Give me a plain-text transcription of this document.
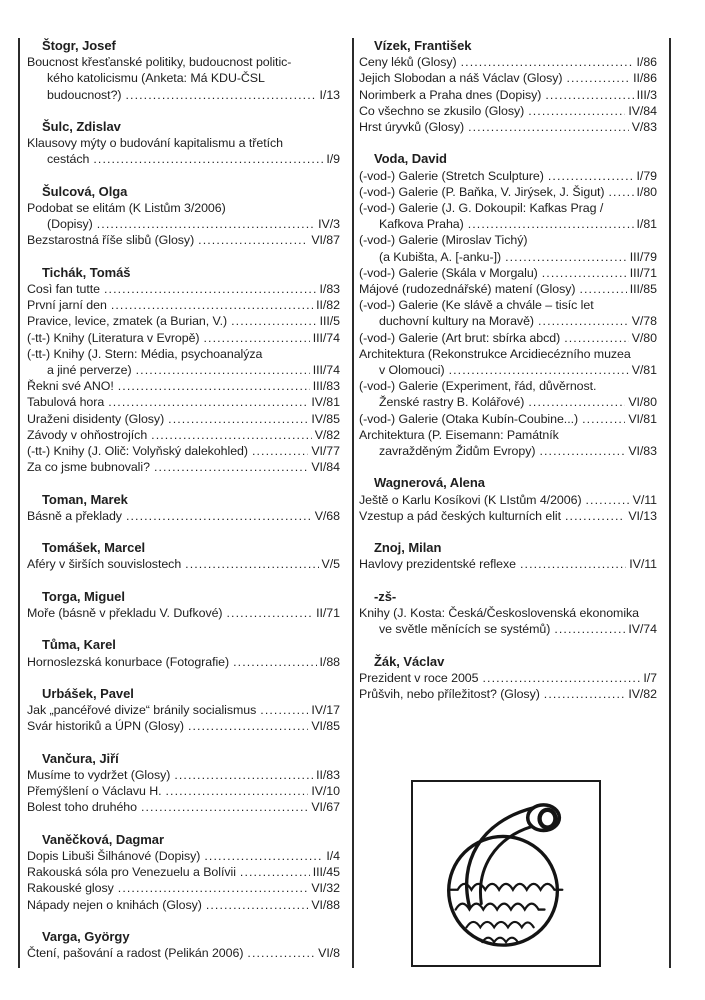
Štogr, Josef
Boucnost křesťanské politiky, budoucnost politic-
kého katolicismu (Anketa: Má KDU-ČSL
budoucnost?) .....	I/13
Šulc, Zdislav
Klausovy mýty o budování kapitalismu a třetích
cestách .....	I/9
Šulcová, Olga
Podobat se elitám (K Listům 3/2006)
(Dopisy) .....	IV/3
Bezstarostná říše slibů (Glosy) .....	VI/87
Tichák, Tomáš
Così fan tutte .....	I/83
První jarní den .....	II/82
Pravice, levice, zmatek (a Burian, V.) .....	III/5
(-tt-) Knihy (Literatura v Evropě) .....	III/74
(-tt-) Knihy (J. Stern: Média, psychoanalýza
a jiné perverze) .....	III/74
Řekni své ANO! .....	III/83
Tabulová hora .....	IV/81
Uraženi disidenty (Glosy) .....	IV/85
Závody v ohňostrojích .....	V/82
(-tt-) Knihy (J. Olič: Volyňský dalekohled) .....	VI/77
Za co jsme bubnovali? .....	VI/84
Toman, Marek
Básně a překlady .....	V/68
Tomášek, Marcel
Aféry v širších souvislostech .....	V/5
Torga, Miguel
Moře (básně v překladu V. Dufkové) .....	II/71
Tůma, Karel
Hornoslezská konurbace (Fotografie) .....	I/88
Urbášek, Pavel
Jak „pancéřové divize“ bránily socialismus .....	IV/17
Svár historiků a ÚPN (Glosy) .....	VI/85
Vančura, Jiří
Musíme to vydržet (Glosy) .....	II/83
Přemýšlení o Václavu H. .....	IV/10
Bolest toho druhého .....	VI/67
Vaněčková, Dagmar
Dopis Libuši Šilhánové (Dopisy) .....	I/4
Rakouská sóla pro Venezuelu a Bolívii .....	III/45
Rakouské glosy .....	VI/32
Nápady nejen o knihách (Glosy) .....	VI/88
Varga, György
Čtení, pašování a radost (Pelikán 2006) .....	VI/8
Vízek, František
Ceny léků (Glosy) .....	I/86
Jejich Slobodan a náš Václav (Glosy) .....	II/86
Norimberk a Praha dnes (Dopisy) .....	III/3
Co všechno se zkusilo (Glosy) .....	IV/84
Hrst úryvků (Glosy) .....	V/83
Voda, David
(-vod-) Galerie (Stretch Sculpture) .....	I/79
(-vod-) Galerie (P. Baňka, V. Jirýsek, J. Šigut) .....	I/80
(-vod-) Galerie (J. G. Dokoupil: Kafkas Prag /
Kafkova Praha) .....	I/81
(-vod-) Galerie (Miroslav Tichý)
(a Kubišta, A. [-anku-]) .....	III/79
(-vod-) Galerie (Skála v Morgalu) .....	III/71
Májové (rudozednářské) matení (Glosy) .....	III/85
(-vod-) Galerie (Ke slávě a chvále – tisíc let
duchovní kultury na Moravě) .....	V/78
(-vod-) Galerie (Art brut: sbírka abcd) .....	V/80
Architektura (Rekonstrukce Arcidiecézního muzea
v Olomouci) .....	V/81
(-vod-) Galerie (Experiment, řád, důvěrnost.
Ženské rastry B. Kolářové) .....	VI/80
(-vod-) Galerie (Otaka Kubín-Coubine...) .....	VI/81
Architektura (P. Eisemann: Památník
zavražděným Židům Evropy) .....	VI/83
Wagnerová, Alena
Ještě o Karlu Kosíkovi (K LIstům 4/2006) .....	V/11
Vzestup a pád českých kulturních elit .....	VI/13
Znoj, Milan
Havlovy prezidentské reflexe .....	IV/11
-zš-
Knihy (J. Kosta: Česká/Československá ekonomika
ve světle měnících se systémů) .....	IV/74
Žák, Václav
Prezident v roce 2005 .....	I/7
Průšvih, nebo příležitost? (Glosy) .....	IV/82
